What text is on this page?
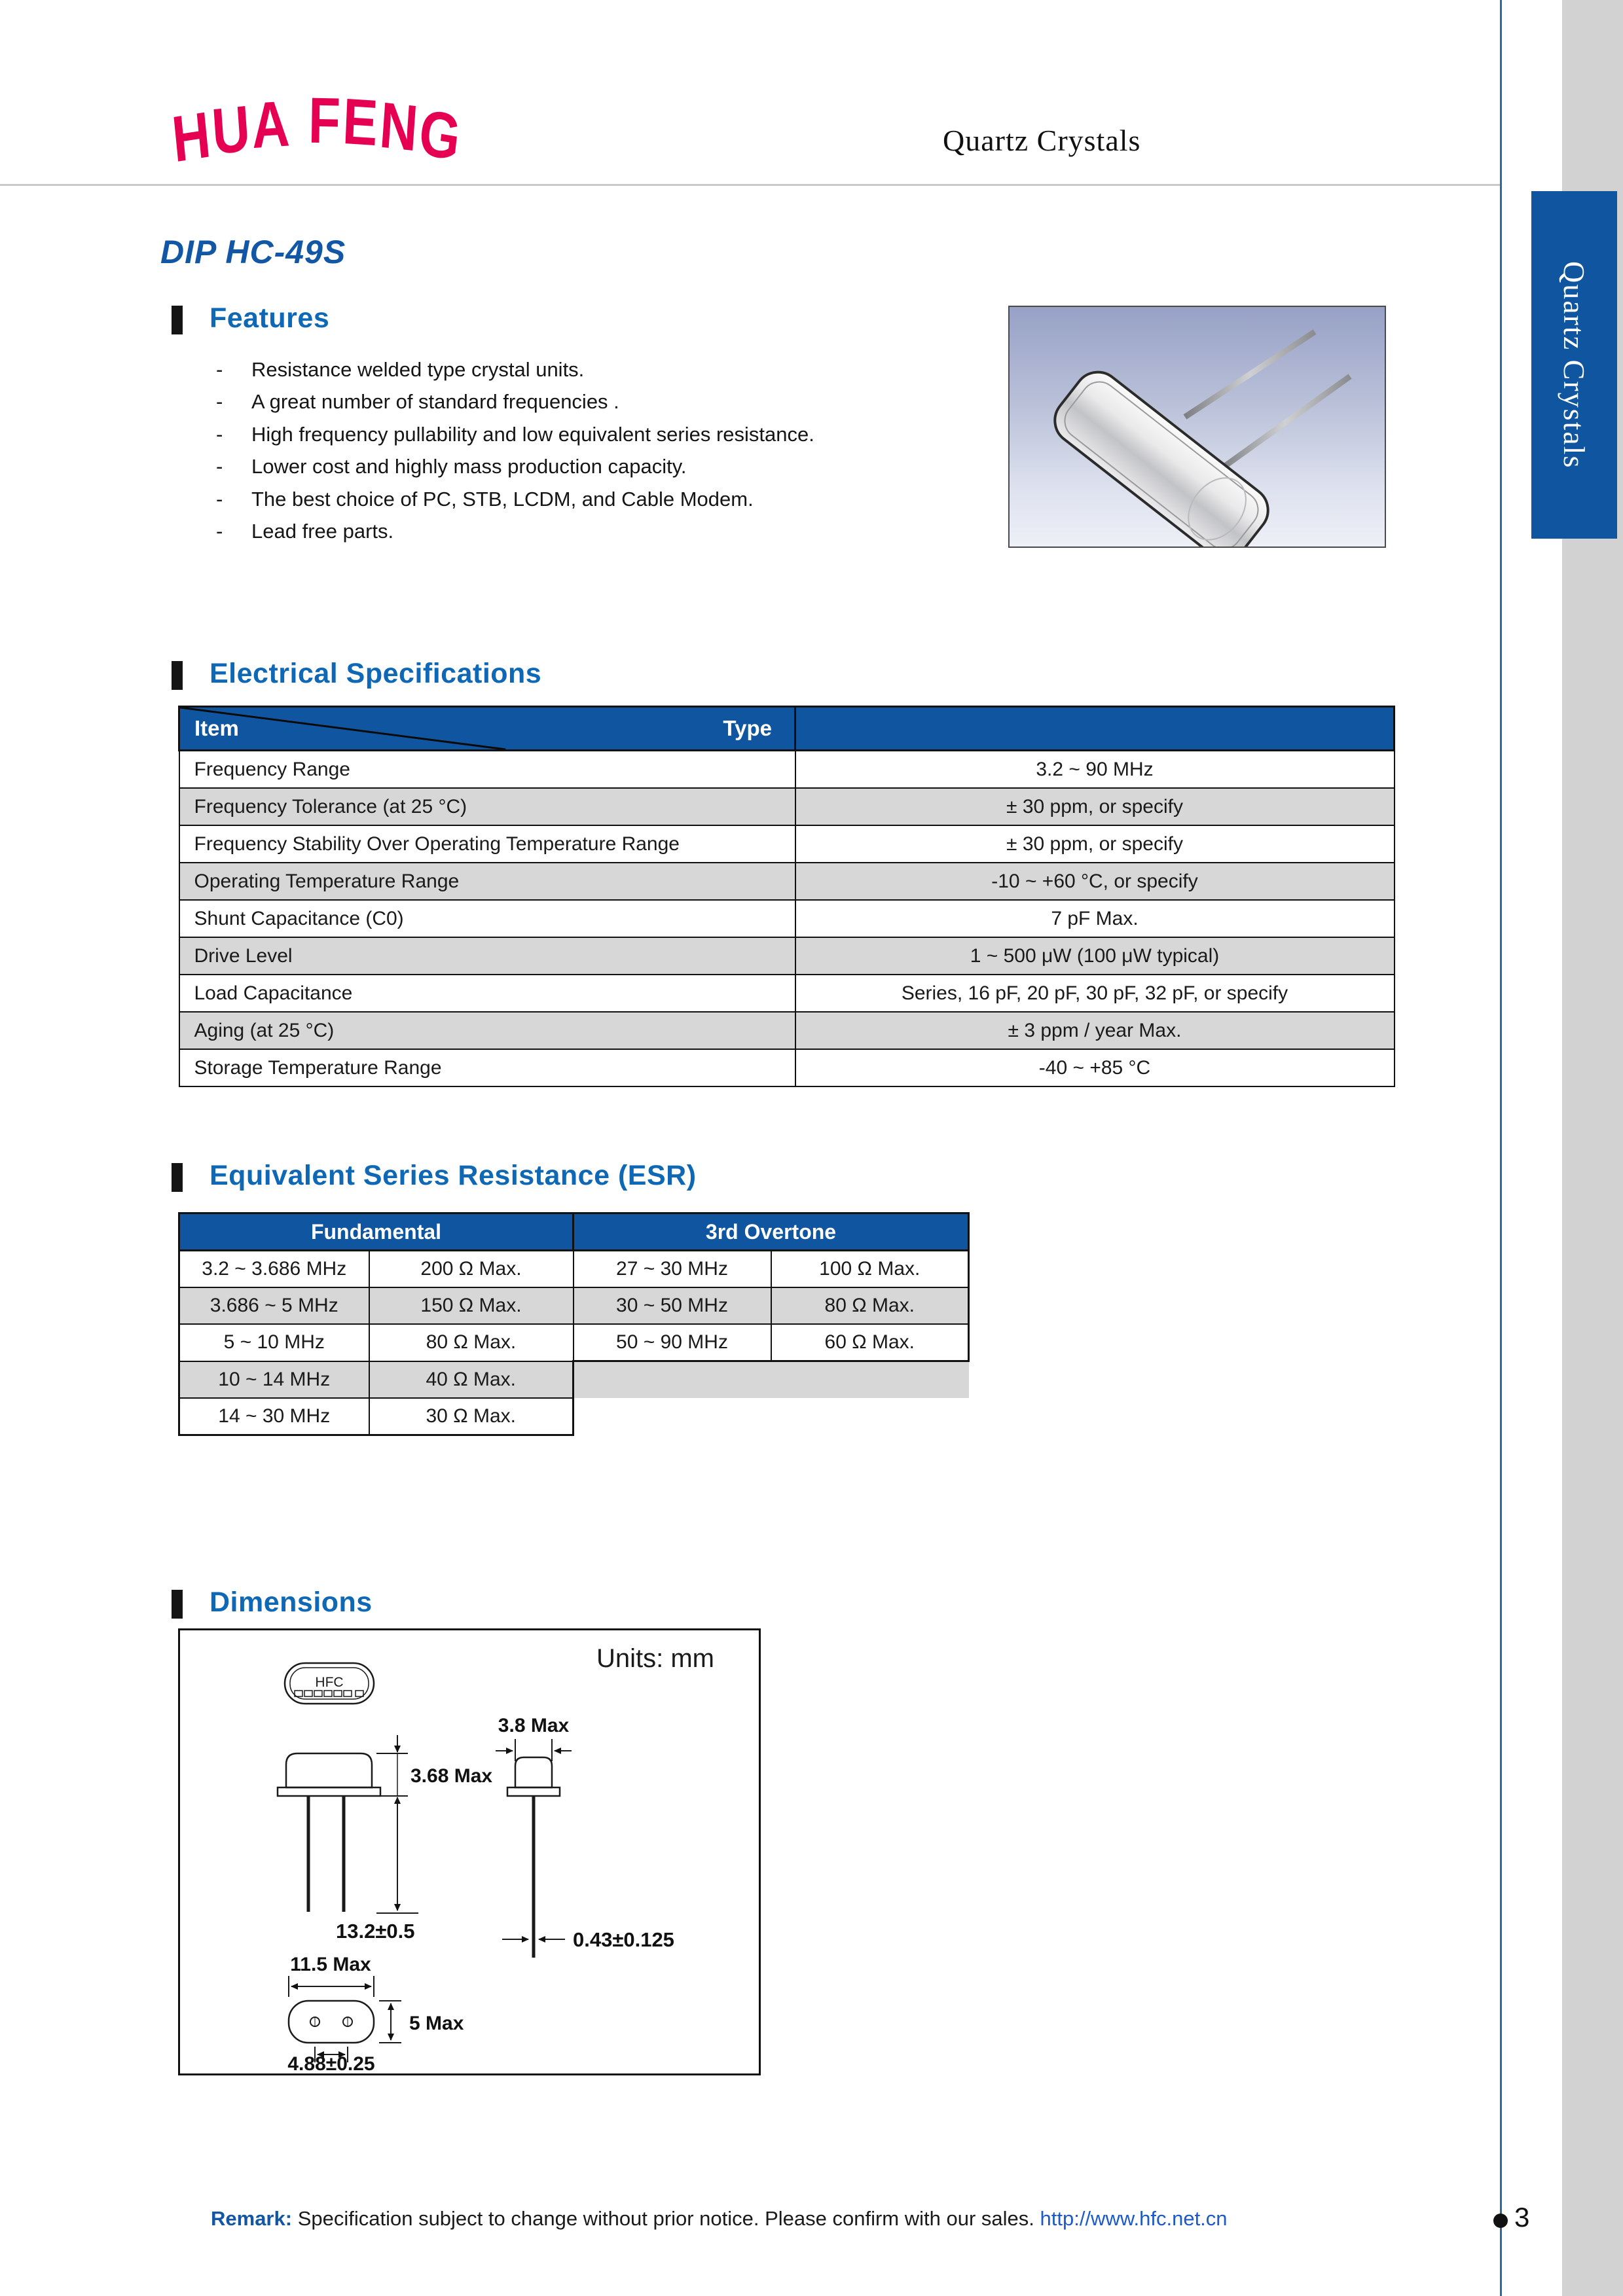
Quartz Crystals
HUA FENG	Quartz Crystals
DIP HC-49S
Features
- Resistance welded type crystal units.
- A great number of standard frequencies .
- High frequency pullability and low equivalent series resistance.
- Lower cost and highly mass production capacity.
- The best choice of PC, STB, LCDM, and Cable Modem.
- Lead free parts.
Electrical Specifications
Item Type	

Frequency Range	3.2 ~ 90 MHz
Frequency Tolerance (at 25 °C)	± 30 ppm, or specify
Frequency Stability Over Operating Temperature Range	± 30 ppm, or specify
Operating Temperature Range	-10 ~ +60 °C, or specify
Shunt Capacitance (C0)	7 pF Max.
Drive Level	1 ~ 500 μW (100 μW typical)
Load Capacitance	Series, 16 pF, 20 pF, 30 pF, 32 pF, or specify
Aging (at 25 °C)	± 3 ppm / year Max.
Storage Temperature Range	-40 ~ +85 °C
Equivalent Series Resistance (ESR)
Fundamental		3rd Overtone	
3.2 ~ 3.686 MHz	200 Ω Max.	27 ~ 30 MHz	100 Ω Max.
3.686 ~ 5 MHz	150 Ω Max.	30 ~ 50 MHz	80 Ω Max.
5 ~ 10 MHz	80 Ω Max.	50 ~ 90 MHz	60 Ω Max.
10 ~ 14 MHz	40 Ω Max.		
14 ~ 30 MHz	30 Ω Max.		
Dimensions
Units: mm
HFC
3.68 Max
13.2±0.5
3.8 Max
0.43±0.125
11.5 Max
5 Max
4.88±0.25
Remark: Specification subject to change without prior notice. Please confirm with our sales. http://www.hfc.net.cn	3
